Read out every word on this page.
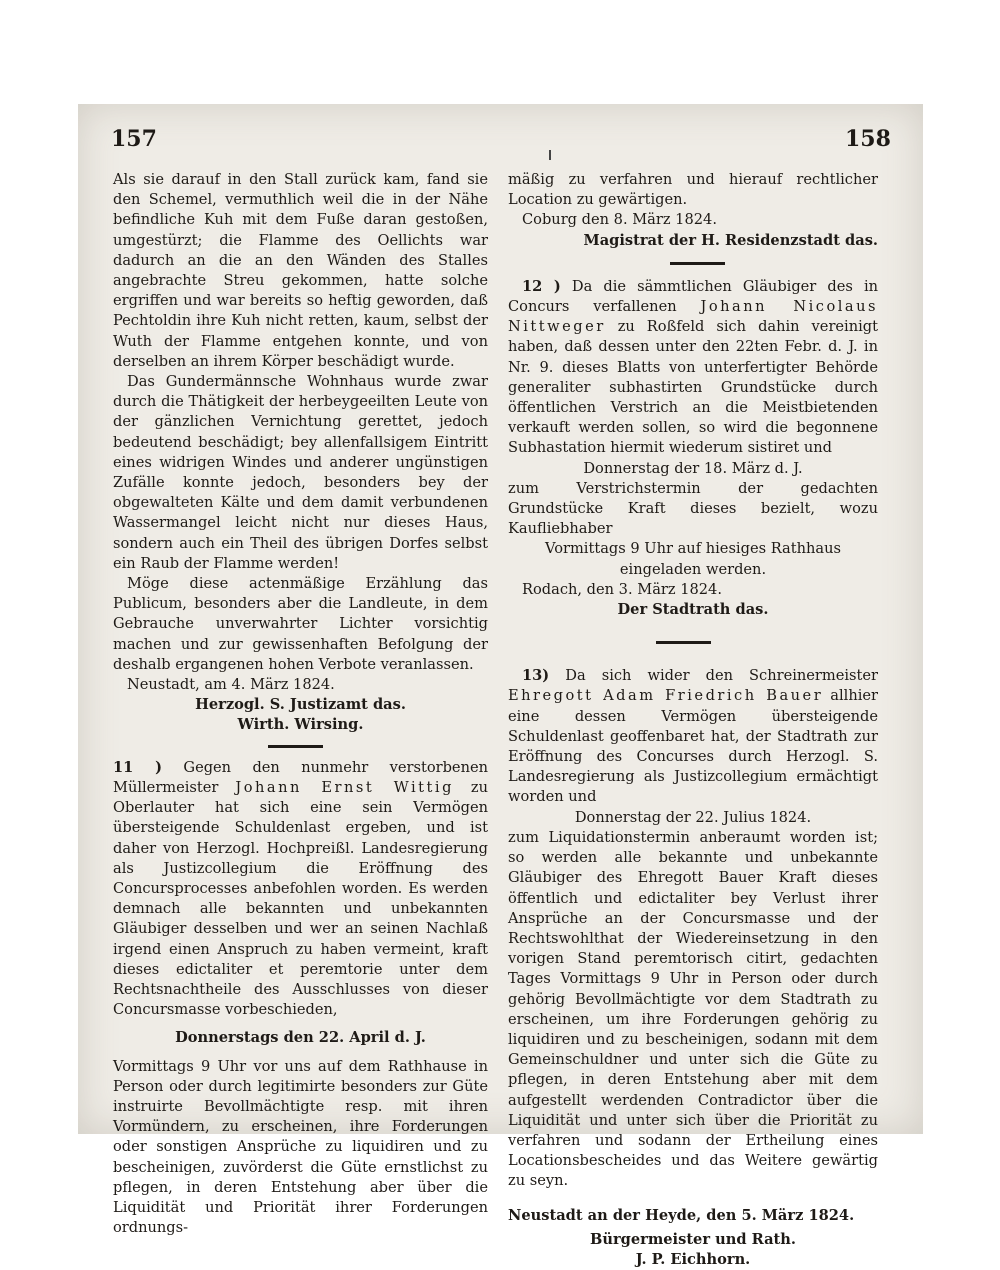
157	158

Als sie darauf in den Stall zurück kam, fand sie den Schemel, vermuthlich weil die in der Nähe befindliche Kuh mit dem Fuße daran gestoßen, umgestürzt; die Flamme des Oellichts war dadurch an die an den Wänden des Stalles angebrachte Streu gekommen, hatte solche ergriffen und war bereits so heftig geworden, daß Pechtoldin ihre Kuh nicht retten, kaum, selbst der Wuth der Flamme entgehen konnte, und von derselben an ihrem Körper beschädigt wurde.

Das Gundermännsche Wohnhaus wurde zwar durch die Thätigkeit der herbeygeeilten Leute von der gänzlichen Vernichtung gerettet, jedoch bedeutend beschädigt; bey allenfallsigem Eintritt eines widrigen Windes und anderer ungünstigen Zufälle konnte jedoch, besonders bey der obgewalteten Kälte und dem damit verbundenen Wassermangel leicht nicht nur dieses Haus, sondern auch ein Theil des übrigen Dorfes selbst ein Raub der Flamme werden!

Möge diese actenmäßige Erzählung das Publicum, besonders aber die Landleute, in dem Gebrauche unverwahrter Lichter vorsichtig machen und zur gewissenhaften Befolgung der deshalb ergangenen hohen Verbote veranlassen.

Neustadt, am 4. März 1824.

Herzogl. S. Justizamt das.

Wirth. Wirsing.

11 ) Gegen den nunmehr verstorbenen Müllermeister Johann Ernst Wittig zu Oberlauter hat sich eine sein Vermögen übersteigende Schuldenlast ergeben, und ist daher von Herzogl. Hochpreißl. Landesregierung als Justizcollegium die Eröffnung des Concursprocesses anbefohlen worden. Es werden demnach alle bekannten und unbekannten Gläubiger desselben und wer an seinen Nachlaß irgend einen Anspruch zu haben vermeint, kraft dieses edictaliter et peremtorie unter dem Rechtsnachtheile des Ausschlusses von dieser Concursmasse vorbeschieden,

Donnerstags den 22. April d. J.

Vormittags 9 Uhr vor uns auf dem Rathhause in Person oder durch legitimirte besonders zur Güte instruirte Bevollmächtigte resp. mit ihren Vormündern, zu erscheinen, ihre Forderungen oder sonstigen Ansprüche zu liquidiren und zu bescheinigen, zuvörderst die Güte ernstlichst zu pflegen, in deren Entstehung aber über die Liquidität und Priorität ihrer Forderungen ordnungs-

mäßig zu verfahren und hierauf rechtlicher Location zu gewärtigen.

Coburg den 8. März 1824.

Magistrat der H. Residenzstadt das.

12 ) Da die sämmtlichen Gläubiger des in Concurs verfallenen Johann Nicolaus Nittweger zu Roßfeld sich dahin vereinigt haben, daß dessen unter den 22ten Febr. d. J. in Nr. 9. dieses Blatts von unterfertigter Behörde generaliter subhastirten Grundstücke durch öffentlichen Verstrich an die Meistbietenden verkauft werden sollen, so wird die begonnene Subhastation hiermit wiederum sistiret und

Donnerstag der 18. März d. J.

zum Verstrichstermin der gedachten Grundstücke Kraft dieses bezielt, wozu Kaufliebhaber

Vormittags 9 Uhr auf hiesiges Rathhaus

eingeladen werden.

Rodach, den 3. März 1824.

Der Stadtrath das.

13) Da sich wider den Schreinermeister Ehregott Adam Friedrich Bauer allhier eine dessen Vermögen übersteigende Schuldenlast geoffenbaret hat, der Stadtrath zur Eröffnung des Concurses durch Herzogl. S. Landesregierung als Justizcollegium ermächtigt worden und

Donnerstag der 22. Julius 1824.

zum Liquidationstermin anberaumt worden ist; so werden alle bekannte und unbekannte Gläubiger des Ehregott Bauer Kraft dieses öffentlich und edictaliter bey Verlust ihrer Ansprüche an der Concursmasse und der Rechtswohlthat der Wiedereinsetzung in den vorigen Stand peremtorisch citirt, gedachten Tages Vormittags 9 Uhr in Person oder durch gehörig Bevollmächtigte vor dem Stadtrath zu erscheinen, um ihre Forderungen gehörig zu liquidiren und zu bescheinigen, sodann mit dem Gemeinschuldner und unter sich die Güte zu pflegen, in deren Entstehung aber mit dem aufgestellt werdenden Contradictor über die Liquidität und unter sich über die Priorität zu verfahren und sodann der Ertheilung eines Locationsbescheides und das Weitere gewärtig zu seyn.

Neustadt an der Heyde, den 5. März 1824.

Bürgermeister und Rath.

J. P. Eichhorn.
